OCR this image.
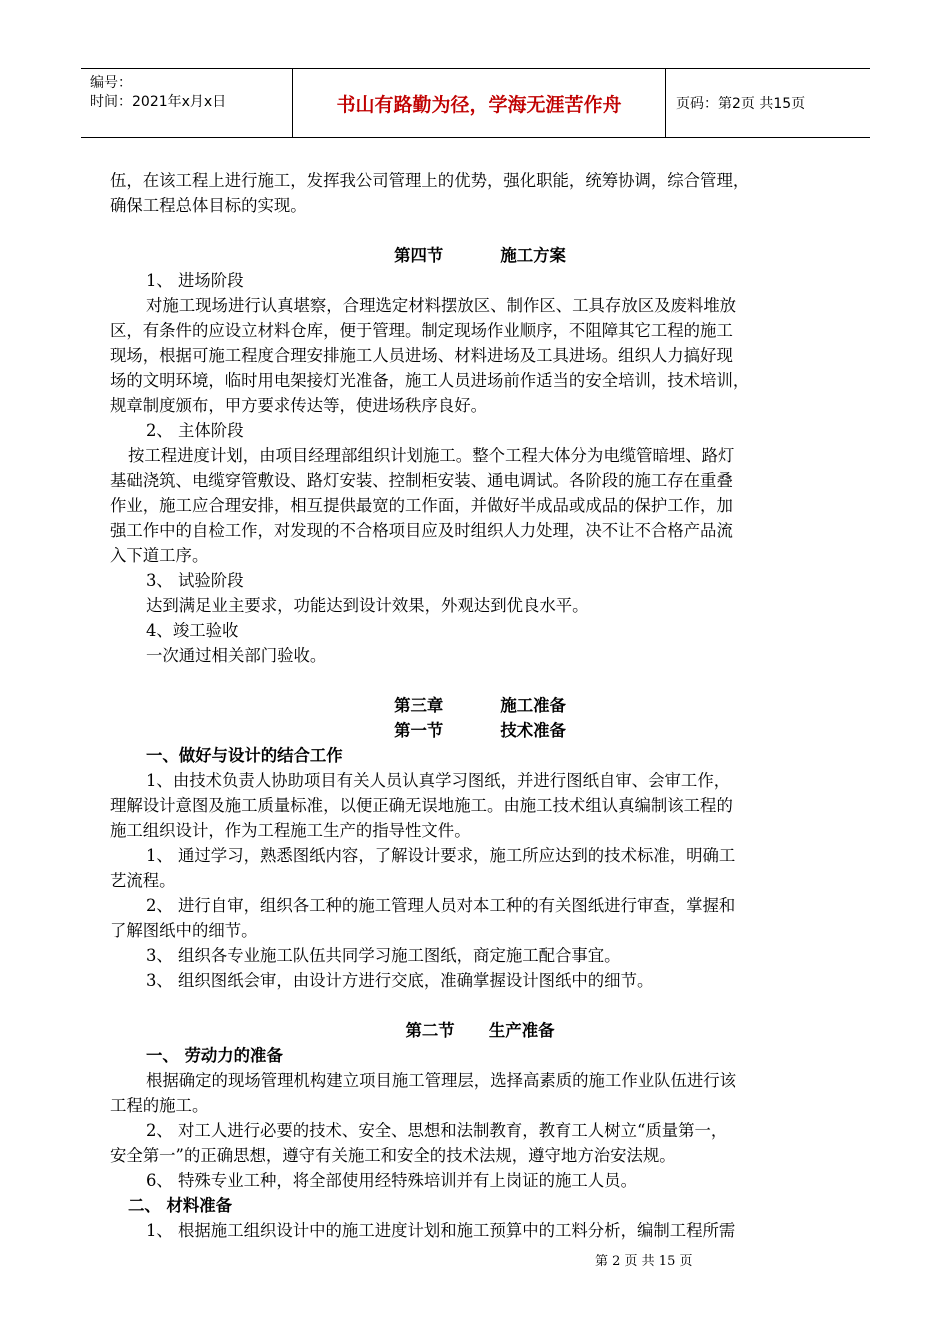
编号：
时间：2021年x月x日	书山有路勤为径，学海无涯苦作舟	页码：第2页 共15页
伍，在该工程上进行施工，发挥我公司管理上的优势，强化职能，统筹协调，综合管理，
确保工程总体目标的实现。
第四节          施工方案
1、 进场阶段
对施工现场进行认真堪察，合理选定材料摆放区、制作区、工具存放区及废料堆放
区，有条件的应设立材料仓库，便于管理。制定现场作业顺序，不阻障其它工程的施工
现场，根据可施工程度合理安排施工人员进场、材料进场及工具进场。组织人力搞好现
场的文明环境，临时用电架接灯光准备，施工人员进场前作适当的安全培训，技术培训，
规章制度颁布，甲方要求传达等，使进场秩序良好。
2、 主体阶段
按工程进度计划，由项目经理部组织计划施工。整个工程大体分为电缆管暗埋、路灯
基础浇筑、电缆穿管敷设、路灯安装、控制柜安装、通电调试。各阶段的施工存在重叠
作业，施工应合理安排，相互提供最宽的工作面，并做好半成品或成品的保护工作，加
强工作中的自检工作，对发现的不合格项目应及时组织人力处理，决不让不合格产品流
入下道工序。
3、 试验阶段
达到满足业主要求，功能达到设计效果，外观达到优良水平。
4、竣工验收
一次通过相关部门验收。
第三章          施工准备
第一节          技术准备
一、做好与设计的结合工作
1、由技术负责人协助项目有关人员认真学习图纸，并进行图纸自审、会审工作，
理解设计意图及施工质量标准，以便正确无误地施工。由施工技术组认真编制该工程的
施工组织设计，作为工程施工生产的指导性文件。
1、 通过学习，熟悉图纸内容，了解设计要求，施工所应达到的技术标准，明确工
艺流程。
2、 进行自审，组织各工种的施工管理人员对本工种的有关图纸进行审查，掌握和
了解图纸中的细节。
3、 组织各专业施工队伍共同学习施工图纸，商定施工配合事宜。
3、 组织图纸会审，由设计方进行交底，准确掌握设计图纸中的细节。
第二节      生产准备
一、 劳动力的准备
根据确定的现场管理机构建立项目施工管理层，选择高素质的施工作业队伍进行该
工程的施工。
2、 对工人进行必要的技术、安全、思想和法制教育，教育工人树立“质量第一，
安全第一”的正确思想，遵守有关施工和安全的技术法规，遵守地方治安法规。
6、 特殊专业工种，将全部使用经特殊培训并有上岗证的施工人员。
二、 材料准备
1、 根据施工组织设计中的施工进度计划和施工预算中的工料分析，编制工程所需
第 2 页 共 15 页
